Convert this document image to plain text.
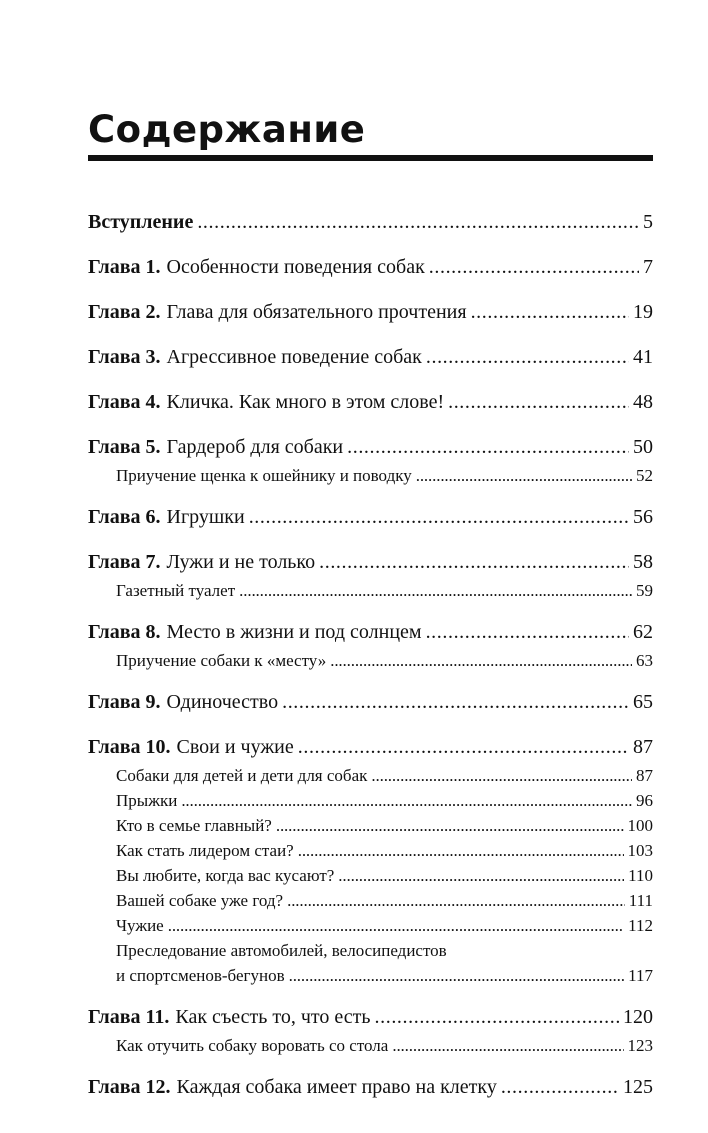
Содержание
Вступление . . .	5
Глава 1. Особенности поведения собак . . .	7
Глава 2. Глава для обязательного прочтения . . .	19
Глава 3. Агрессивное поведение собак . . .	41
Глава 4. Кличка. Как много в этом слове! . . .	48
Глава 5. Гардероб для собаки . . .	50
Приучение щенка к ошейнику и поводку . . .	52
Глава 6. Игрушки . . .	56
Глава 7. Лужи и не только . . .	58
Газетный туалет . . .	59
Глава 8. Место в жизни и под солнцем . . .	62
Приучение собаки к «месту» . . .	63
Глава 9. Одиночество . . .	65
Глава 10. Свои и чужие . . .	87
Собаки для детей и дети для собак . . .	87
Прыжки . . .	96
Кто в семье главный? . . .	100
Как стать лидером стаи? . . .	103
Вы любите, когда вас кусают? . . .	110
Вашей собаке уже год? . . .	111
Чужие . . .	112
Преследование автомобилей, велосипедистов
и спортсменов-бегунов . . .	117
Глава 11. Как съесть то, что есть . . .	120
Как отучить собаку воровать со стола . . .	123
Глава 12. Каждая собака имеет право на клетку . . .	125
